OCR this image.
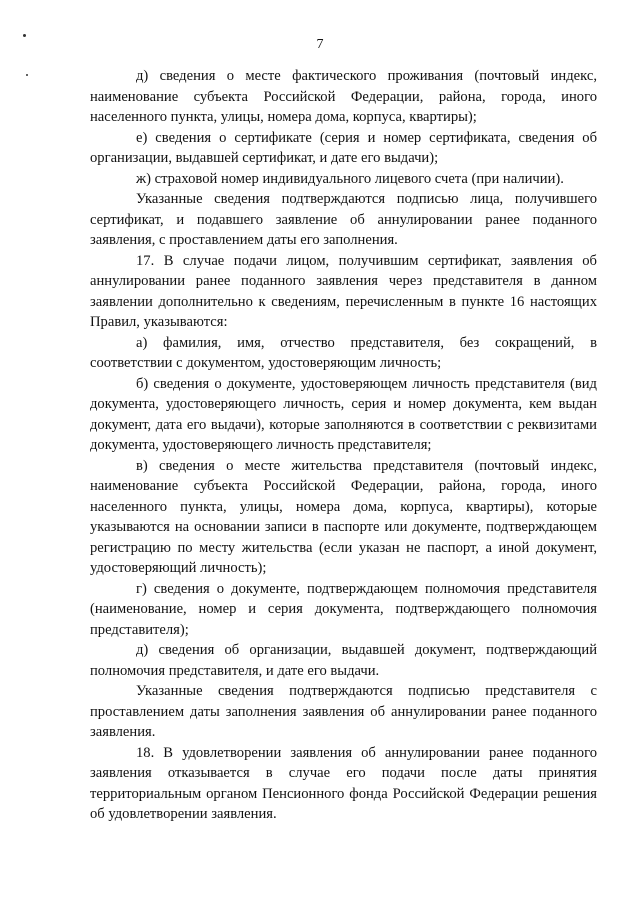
7

д) сведения о месте фактического проживания (почтовый индекс, наименование субъекта Российской Федерации, района, города, иного населенного пункта, улицы, номера дома, корпуса, квартиры);

е) сведения о сертификате (серия и номер сертификата, сведения об организации, выдавшей сертификат, и дате его выдачи);

ж) страховой номер индивидуального лицевого счета (при наличии).

Указанные сведения подтверждаются подписью лица, получившего сертификат, и подавшего заявление об аннулировании ранее поданного заявления, с проставлением даты его заполнения.

17. В случае подачи лицом, получившим сертификат, заявления об аннулировании ранее поданного заявления через представителя в данном заявлении дополнительно к сведениям, перечисленным в пункте 16 настоящих Правил, указываются:

а) фамилия, имя, отчество представителя, без сокращений, в соответствии с документом, удостоверяющим личность;

б) сведения о документе, удостоверяющем личность представителя (вид документа, удостоверяющего личность, серия и номер документа, кем выдан документ, дата его выдачи), которые заполняются в соответствии с реквизитами документа, удостоверяющего личность представителя;

в) сведения о месте жительства представителя (почтовый индекс, наименование субъекта Российской Федерации, района, города, иного населенного пункта, улицы, номера дома, корпуса, квартиры), которые указываются на основании записи в паспорте или документе, подтверждающем регистрацию по месту жительства (если указан не паспорт, а иной документ, удостоверяющий личность);

г) сведения о документе, подтверждающем полномочия представителя (наименование, номер и серия документа, подтверждающего полномочия представителя);

д) сведения об организации, выдавшей документ, подтверждающий полномочия представителя, и дате его выдачи.

Указанные сведения подтверждаются подписью представителя с проставлением даты заполнения заявления об аннулировании ранее поданного заявления.

18. В удовлетворении заявления об аннулировании ранее поданного заявления отказывается в случае его подачи после даты принятия территориальным органом Пенсионного фонда Российской Федерации решения об удовлетворении заявления.
